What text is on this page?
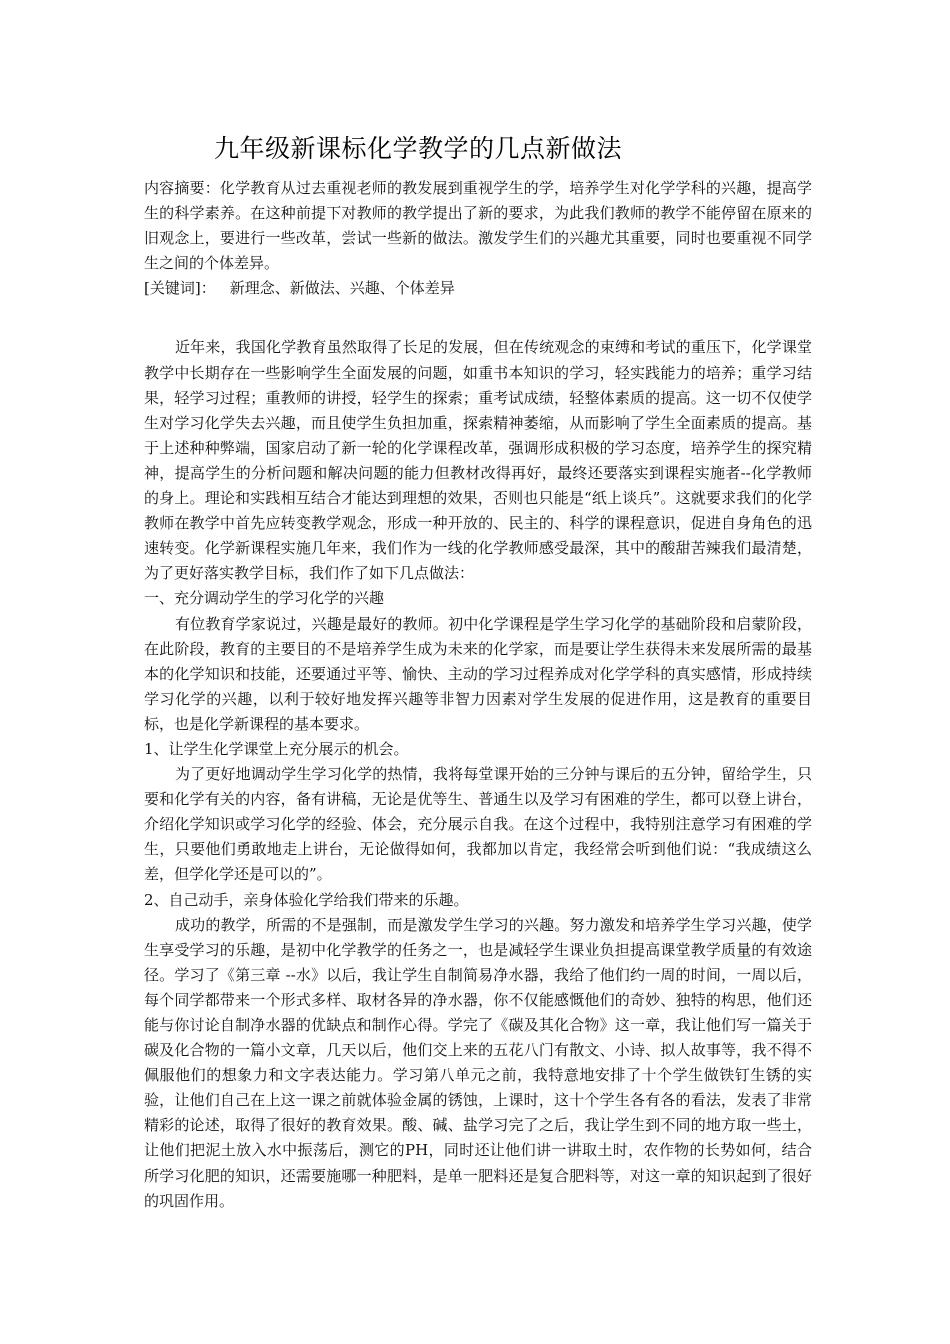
九年级新课标化学教学的几点新做法

内容摘要：化学教育从过去重视老师的教发展到重视学生的学，培养学生对化学学科的兴趣，提高学生的科学素养。在这种前提下对教师的教学提出了新的要求，为此我们教师的教学不能停留在原来的旧观念上，要进行一些改革，尝试一些新的做法。激发学生们的兴趣尤其重要，同时也要重视不同学生之间的个体差异。

[关键词]： 新理念、新做法、兴趣、个体差异

近年来，我国化学教育虽然取得了长足的发展，但在传统观念的束缚和考试的重压下，化学课堂教学中长期存在一些影响学生全面发展的问题，如重书本知识的学习，轻实践能力的培养；重学习结果，轻学习过程；重教师的讲授，轻学生的探索；重考试成绩，轻整体素质的提高。这一切不仅使学生对学习化学失去兴趣，而且使学生负担加重，探索精神萎缩，从而影响了学生全面素质的提高。基于上述种种弊端，国家启动了新一轮的化学课程改革，强调形成积极的学习态度，培养学生的探究精神，提高学生的分析问题和解决问题的能力但教材改得再好，最终还要落实到课程实施者--化学教师的身上。理论和实践相互结合才能达到理想的效果，否则也只能是“纸上谈兵”。这就要求我们的化学教师在教学中首先应转变教学观念，形成一种开放的、民主的、科学的课程意识，促进自身角色的迅速转变。化学新课程实施几年来，我们作为一线的化学教师感受最深，其中的酸甜苦辣我们最清楚，为了更好落实教学目标，我们作了如下几点做法：

一、充分调动学生的学习化学的兴趣

有位教育学家说过，兴趣是最好的教师。初中化学课程是学生学习化学的基础阶段和启蒙阶段，在此阶段，教育的主要目的不是培养学生成为未来的化学家，而是要让学生获得未来发展所需的最基本的化学知识和技能，还要通过平等、愉快、主动的学习过程养成对化学学科的真实感情，形成持续学习化学的兴趣，以利于较好地发挥兴趣等非智力因素对学生发展的促进作用，这是教育的重要目标，也是化学新课程的基本要求。

1、让学生化学课堂上充分展示的机会。

为了更好地调动学生学习化学的热情，我将每堂课开始的三分钟与课后的五分钟，留给学生，只要和化学有关的内容，备有讲稿，无论是优等生、普通生以及学习有困难的学生，都可以登上讲台，介绍化学知识或学习化学的经验、体会，充分展示自我。在这个过程中，我特别注意学习有困难的学生，只要他们勇敢地走上讲台，无论做得如何，我都加以肯定，我经常会听到他们说：“我成绩这么差，但学化学还是可以的”。

2、自己动手，亲身体验化学给我们带来的乐趣。

成功的教学，所需的不是强制，而是激发学生学习的兴趣。努力激发和培养学生学习兴趣，使学生享受学习的乐趣，是初中化学教学的任务之一，也是减轻学生课业负担提高课堂教学质量的有效途径。学习了《第三章 --水》以后，我让学生自制简易净水器，我给了他们约一周的时间，一周以后，每个同学都带来一个形式多样、取材各异的净水器，你不仅能感慨他们的奇妙、独特的构思，他们还能与你讨论自制净水器的优缺点和制作心得。学完了《碳及其化合物》这一章，我让他们写一篇关于碳及化合物的一篇小文章，几天以后，他们交上来的五花八门有散文、小诗、拟人故事等，我不得不佩服他们的想象力和文字表达能力。学习第八单元之前，我特意地安排了十个学生做铁钉生锈的实验，让他们自己在上这一课之前就体验金属的锈蚀，上课时，这十个学生各有各的看法，发表了非常精彩的论述，取得了很好的教育效果。酸、碱、盐学习完了之后，我让学生到不同的地方取一些土，让他们把泥土放入水中振荡后，测它的PH，同时还让他们讲一讲取土时，农作物的长势如何，结合所学习化肥的知识，还需要施哪一种肥料，是单一肥料还是复合肥料等，对这一章的知识起到了很好的巩固作用。
